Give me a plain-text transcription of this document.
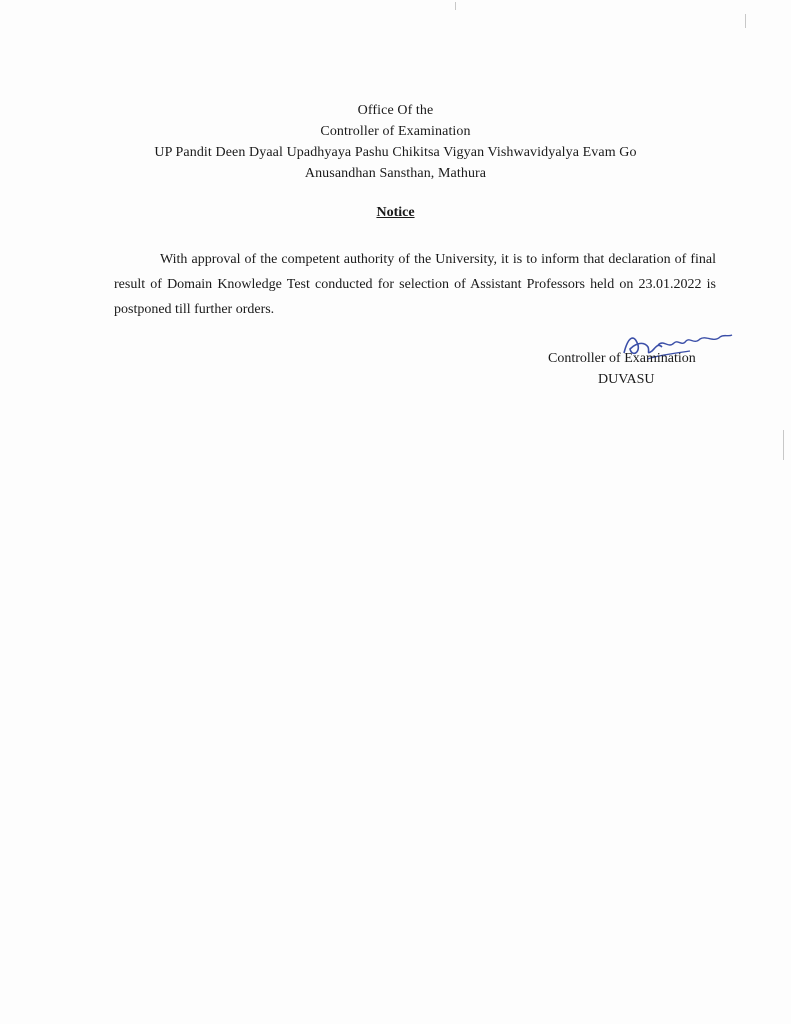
Office Of the
Controller of Examination
UP Pandit Deen Dyaal Upadhyaya Pashu Chikitsa Vigyan Vishwavidyalya Evam Go
Anusandhan Sansthan, Mathura
Notice
With approval of the competent authority of the University, it is to inform that declaration of final result of Domain Knowledge Test conducted for selection of Assistant Professors held on 23.01.2022 is postponed till further orders.
Controller of Examination
DUVASU
